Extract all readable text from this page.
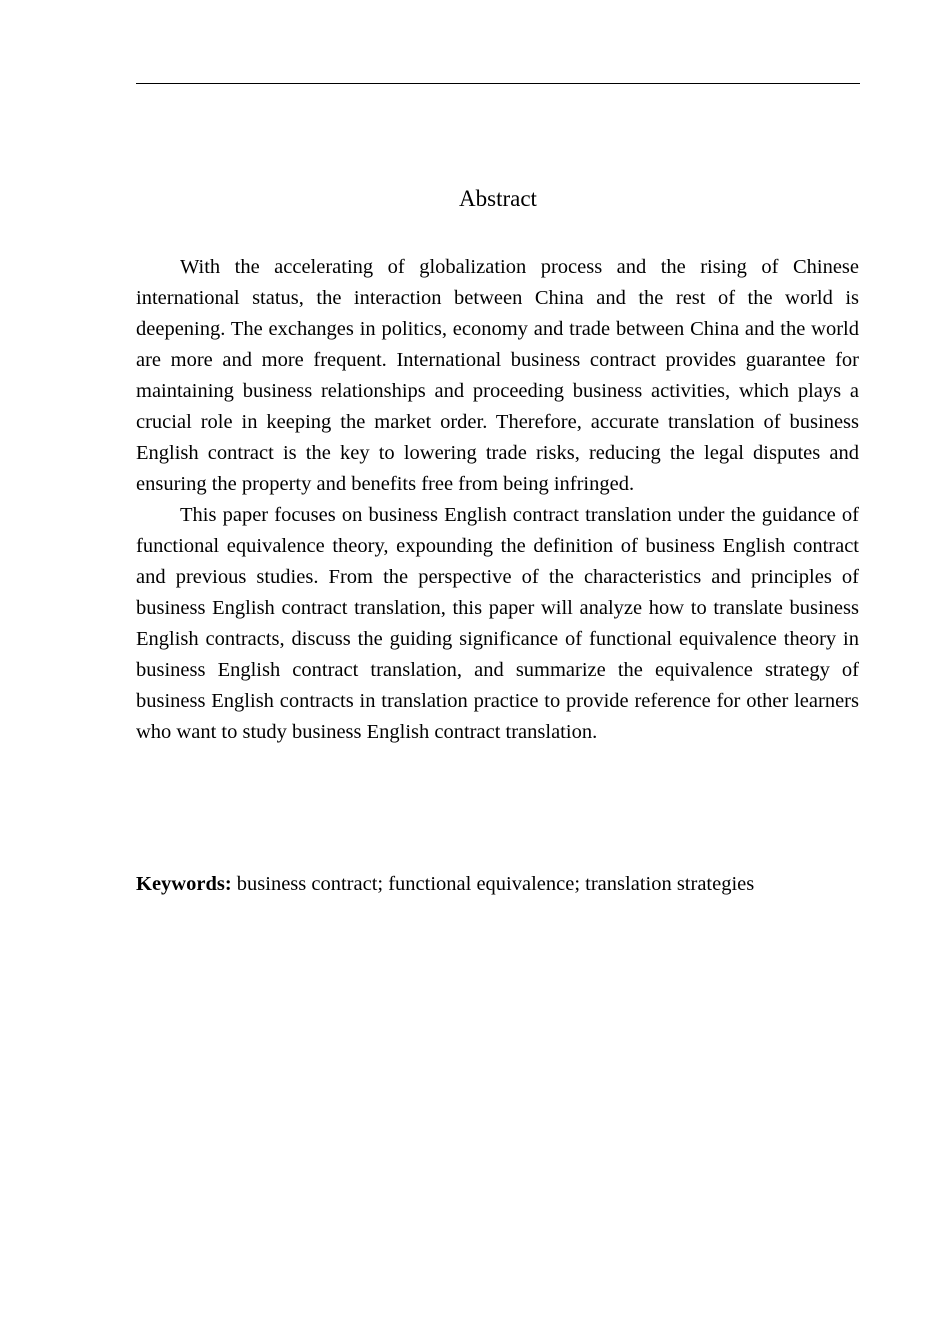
Abstract

With the accelerating of globalization process and the rising of Chinese international status, the interaction between China and the rest of the world is deepening. The exchanges in politics, economy and trade between China and the world are more and more frequent. International business contract provides guarantee for maintaining business relationships and proceeding business activities, which plays a crucial role in keeping the market order. Therefore, accurate translation of business English contract is the key to lowering trade risks, reducing the legal disputes and ensuring the property and benefits free from being infringed.

This paper focuses on business English contract translation under the guidance of functional equivalence theory, expounding the definition of business English contract and previous studies. From the perspective of the characteristics and principles of business English contract translation, this paper will analyze how to translate business English contracts, discuss the guiding significance of functional equivalence theory in business English contract translation, and summarize the equivalence strategy of business English contracts in translation practice to provide reference for other learners who want to study business English contract translation.

Keywords: business contract; functional equivalence; translation strategies
